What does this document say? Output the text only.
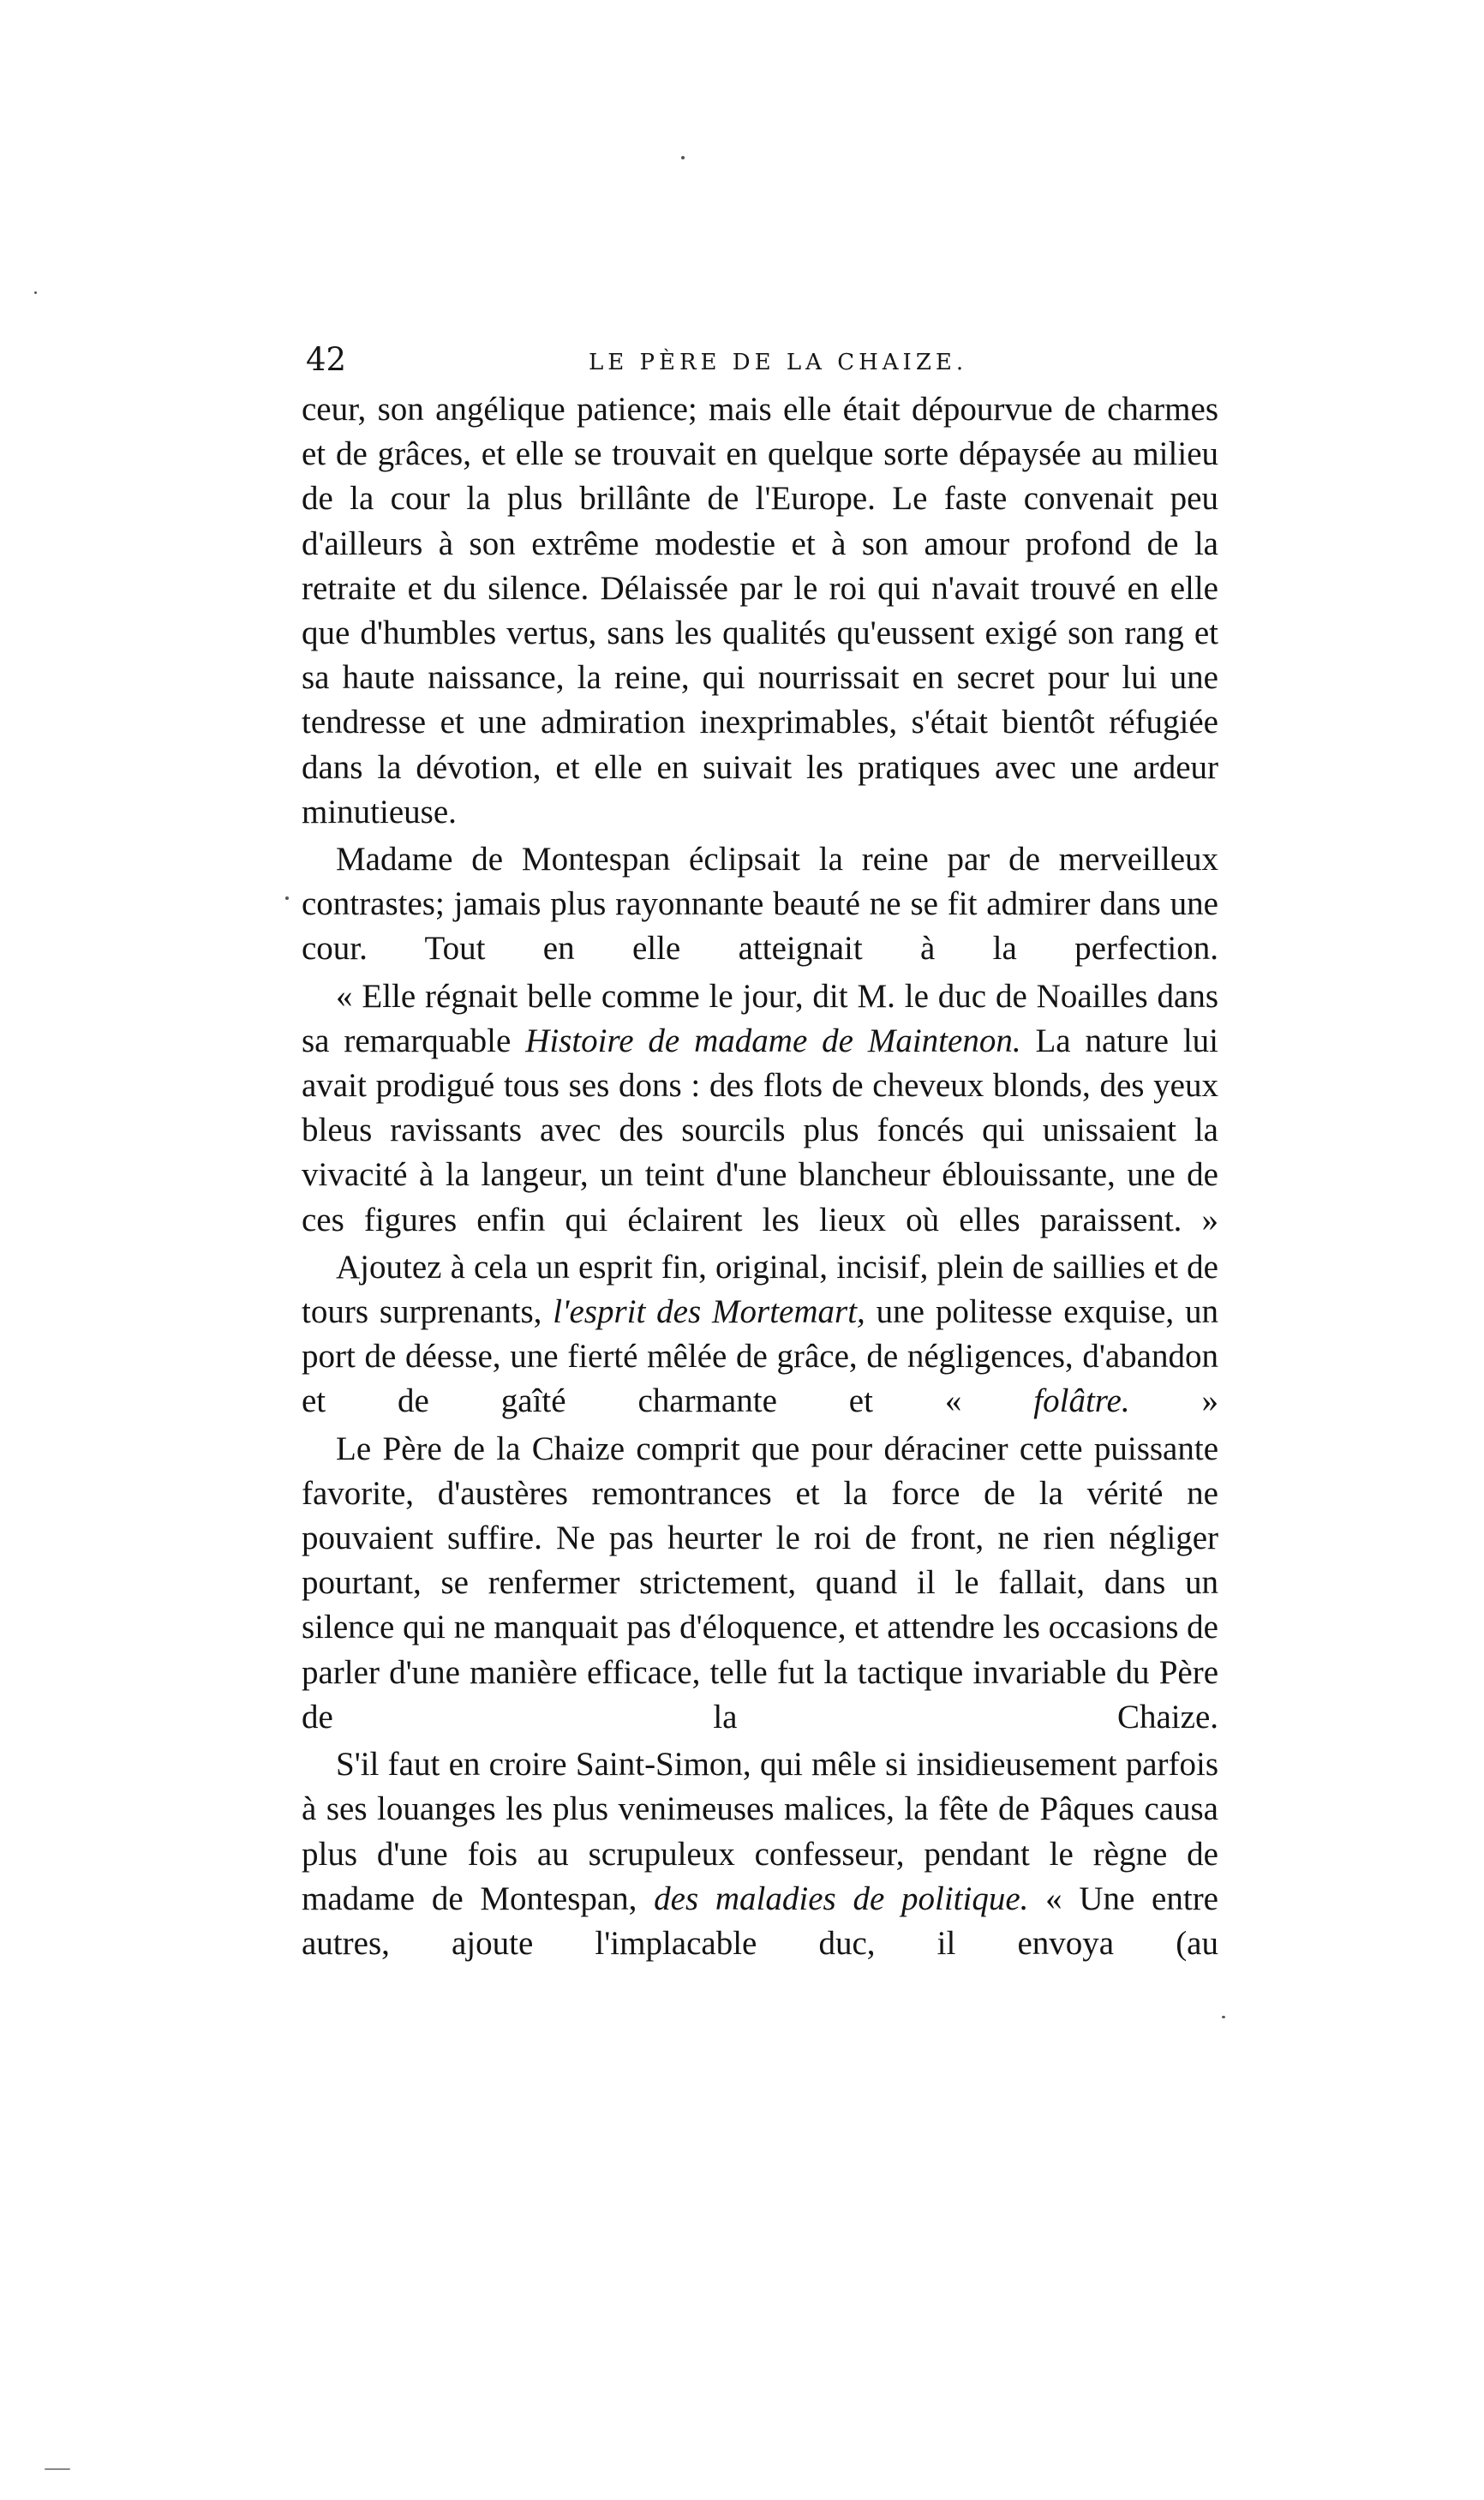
42	LE PÈRE DE LA CHAIZE.

ceur, son angélique patience; mais elle était dépourvue de charmes et de grâces, et elle se trouvait en quelque sorte dépaysée au milieu de la cour la plus brillânte de l'Europe. Le faste convenait peu d'ailleurs à son extrême modestie et à son amour profond de la retraite et du silence. Délaissée par le roi qui n'avait trouvé en elle que d'humbles vertus, sans les qualités qu'eussent exigé son rang et sa haute naissance, la reine, qui nourrissait en secret pour lui une tendresse et une admiration inexprimables, s'était bientôt réfugiée dans la dévotion, et elle en suivait les pratiques avec une ardeur minutieuse.

Madame de Montespan éclipsait la reine par de merveilleux contrastes; jamais plus rayonnante beauté ne se fit admirer dans une cour. Tout en elle atteignait à la perfection.

« Elle régnait belle comme le jour, dit M. le duc de Noailles dans sa remarquable Histoire de madame de Maintenon. La nature lui avait prodigué tous ses dons : des flots de cheveux blonds, des yeux bleus ravissants avec des sourcils plus foncés qui unissaient la vivacité à la langeur, un teint d'une blancheur éblouissante, une de ces figures enfin qui éclairent les lieux où elles paraissent. »

Ajoutez à cela un esprit fin, original, incisif, plein de saillies et de tours surprenants, l'esprit des Mortemart, une politesse exquise, un port de déesse, une fierté mêlée de grâce, de négligences, d'abandon et de gaîté charmante et « folâtre. »

Le Père de la Chaize comprit que pour déraciner cette puissante favorite, d'austères remontrances et la force de la vérité ne pouvaient suffire. Ne pas heurter le roi de front, ne rien négliger pourtant, se renfermer strictement, quand il le fallait, dans un silence qui ne manquait pas d'éloquence, et attendre les occasions de parler d'une manière efficace, telle fut la tactique invariable du Père de la Chaize.

S'il faut en croire Saint-Simon, qui mêle si insidieusement parfois à ses louanges les plus venimeuses malices, la fête de Pâques causa plus d'une fois au scrupuleux confesseur, pendant le règne de madame de Montespan, des maladies de politique. « Une entre autres, ajoute l'implacable duc, il envoya (au
